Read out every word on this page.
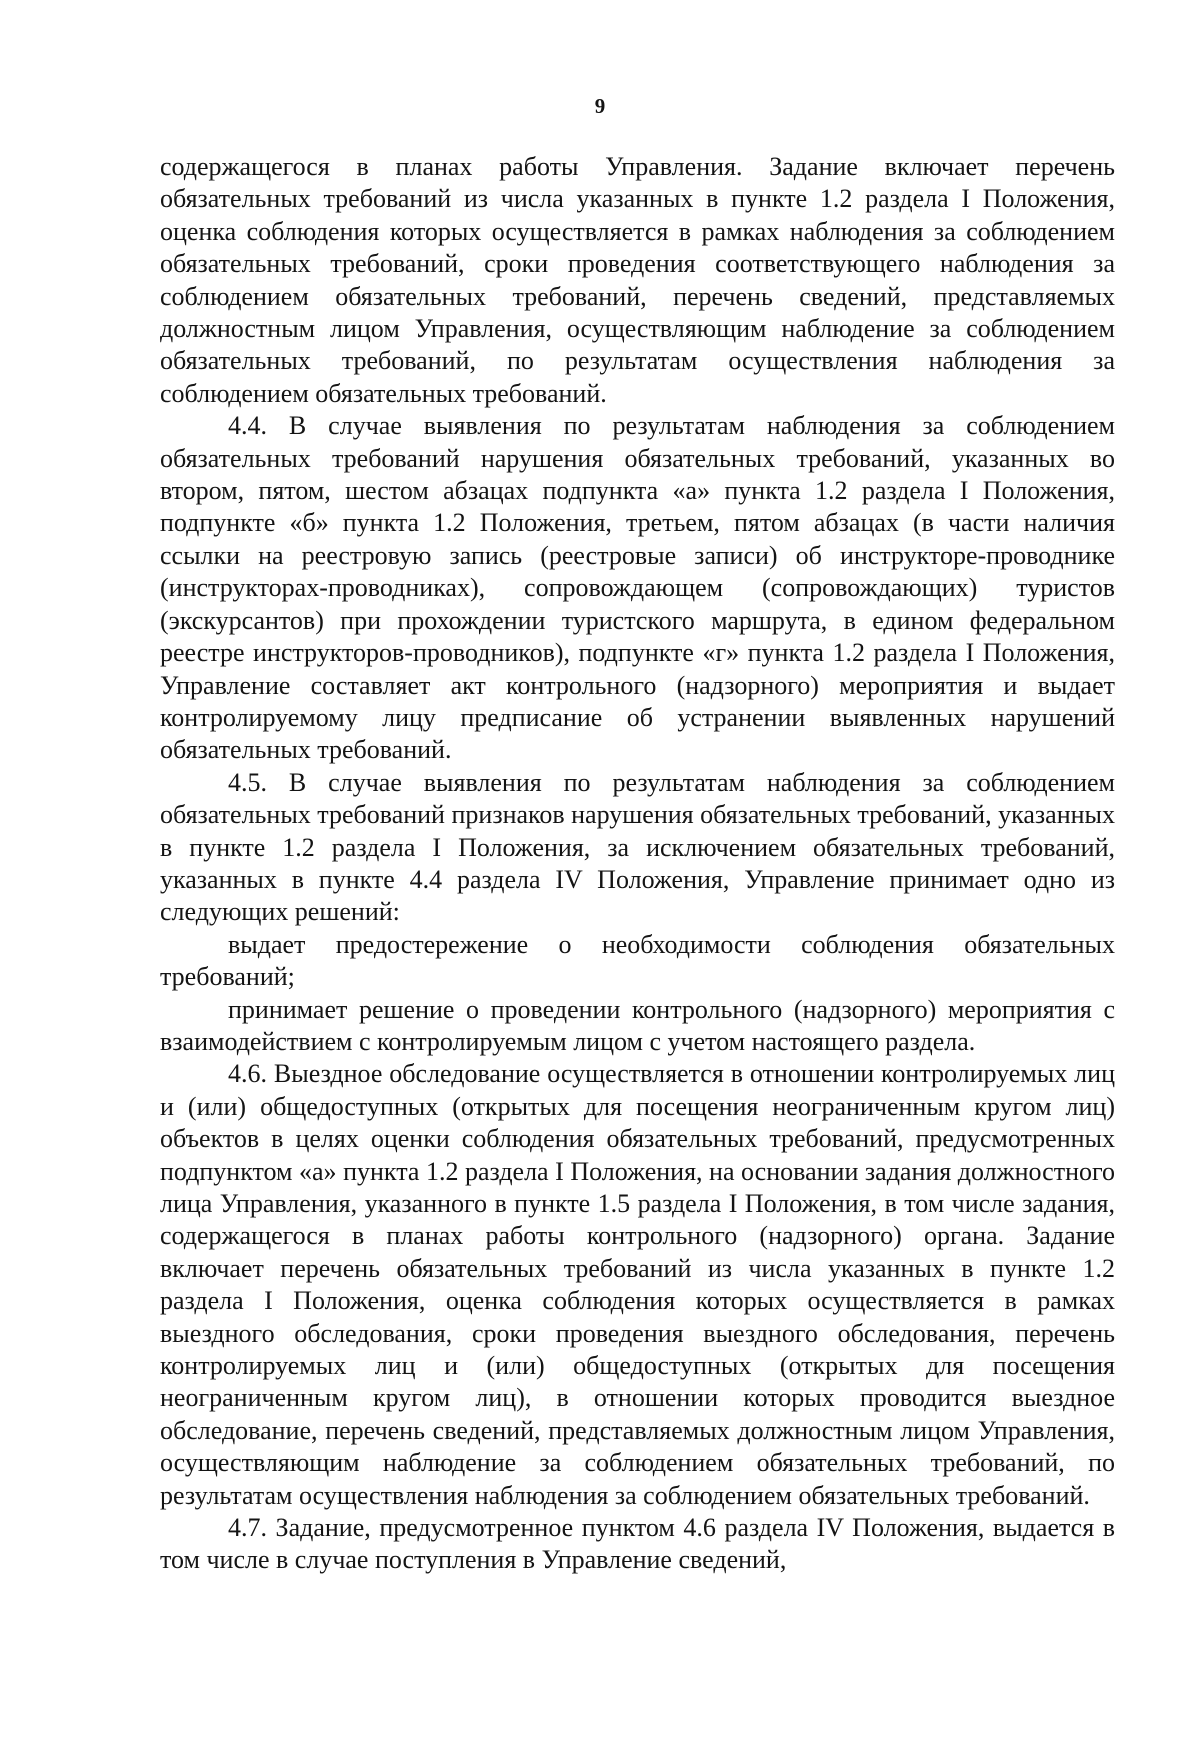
9

содержащегося в планах работы Управления. Задание включает перечень обязательных требований из числа указанных в пункте 1.2 раздела I Положения, оценка соблюдения которых осуществляется в рамках наблюдения за соблюдением обязательных требований, сроки проведения соответствующего наблюдения за соблюдением обязательных требований, перечень сведений, представляемых должностным лицом Управления, осуществляющим наблюдение за соблюдением обязательных требований, по результатам осуществления наблюдения за соблюдением обязательных требований.

4.4. В случае выявления по результатам наблюдения за соблюдением обязательных требований нарушения обязательных требований, указанных во втором, пятом, шестом абзацах подпункта «а» пункта 1.2 раздела I Положения, подпункте «б» пункта 1.2 Положения, третьем, пятом абзацах (в части наличия ссылки на реестровую запись (реестровые записи) об инструкторе-проводнике (инструкторах-проводниках), сопровождающем (сопровождающих) туристов (экскурсантов) при прохождении туристского маршрута, в едином федеральном реестре инструкторов-проводников), подпункте «г» пункта 1.2 раздела I Положения, Управление составляет акт контрольного (надзорного) мероприятия и выдает контролируемому лицу предписание об устранении выявленных нарушений обязательных требований.

4.5. В случае выявления по результатам наблюдения за соблюдением обязательных требований признаков нарушения обязательных требований, указанных в пункте 1.2 раздела I Положения, за исключением обязательных требований, указанных в пункте 4.4 раздела IV Положения, Управление принимает одно из следующих решений:

выдает предостережение о необходимости соблюдения обязательных требований;

принимает решение о проведении контрольного (надзорного) мероприятия с взаимодействием с контролируемым лицом с учетом настоящего раздела.

4.6. Выездное обследование осуществляется в отношении контролируемых лиц и (или) общедоступных (открытых для посещения неограниченным кругом лиц) объектов в целях оценки соблюдения обязательных требований, предусмотренных подпунктом «а» пункта 1.2 раздела I Положения, на основании задания должностного лица Управления, указанного в пункте 1.5 раздела I Положения, в том числе задания, содержащегося в планах работы контрольного (надзорного) органа. Задание включает перечень обязательных требований из числа указанных в пункте 1.2 раздела I Положения, оценка соблюдения которых осуществляется в рамках выездного обследования, сроки проведения выездного обследования, перечень контролируемых лиц и (или) общедоступных (открытых для посещения неограниченным кругом лиц), в отношении которых проводится выездное обследование, перечень сведений, представляемых должностным лицом Управления, осуществляющим наблюдение за соблюдением обязательных требований, по результатам осуществления наблюдения за соблюдением обязательных требований.

4.7. Задание, предусмотренное пунктом 4.6 раздела IV Положения, выдается в том числе в случае поступления в Управление сведений,
